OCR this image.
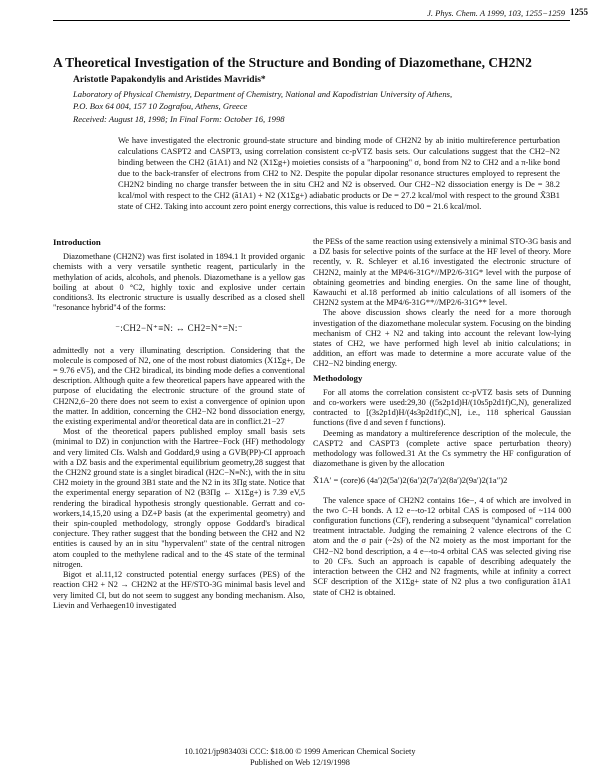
J. Phys. Chem. A 1999, 103, 1255−1259 1255
A Theoretical Investigation of the Structure and Bonding of Diazomethane, CH2N2
Aristotle Papakondylis and Aristides Mavridis*
Laboratory of Physical Chemistry, Department of Chemistry, National and Kapodistrian University of Athens,
P.O. Box 64 004, 157 10 Zografou, Athens, Greece
Received: August 18, 1998; In Final Form: October 16, 1998
We have investigated the electronic ground-state structure and binding mode of CH2N2 by ab initio multireference perturbation calculations CASPT2 and CASPT3, using correlation consistent cc-pVTZ basis sets. Our calculations suggest that the CH2−N2 binding between the CH2 (ã1A1) and N2 (X1Σg+) moieties consists of a "harpooning" σ, bond from N2 to CH2 and a π-like bond due to the back-transfer of electrons from CH2 to N2. Despite the popular dipolar resonance structures employed to represent the CH2N2 binding no charge transfer between the in situ CH2 and N2 is observed. Our CH2−N2 dissociation energy is De = 38.2 kcal/mol with respect to the CH2 (ã1A1) + N2 (X1Σg+) adiabatic products or De = 27.2 kcal/mol with respect to the ground X̃3B1 state of CH2. Taking into account zero point energy corrections, this value is reduced to D0 = 21.6 kcal/mol.
Introduction

Diazomethane (CH2N2) was first isolated in 1894.1 It provided organic chemists with a very versatile synthetic reagent, particularly in the methylation of acids, alcohols, and phenols. Diazomethane is a yellow gas boiling at about 0 °C2, highly toxic and explosive under certain conditions3. Its electronic structure is usually described as a closed shell "resonance hybrid"4 of the forms:

⁻:CH2−N⁺≡N: ↔ CH2=N⁺=N:⁻

admittedly not a very illuminating description. Considering that the molecule is composed of N2, one of the most robust diatomics (X1Σg+, De = 9.76 eV5), and the CH2 biradical, its binding mode defies a conventional description. Although quite a few theoretical papers have appeared with the purpose of elucidating the electronic structure of the ground state of CH2N2,6−20 there does not seem to exist a convergence of opinion upon the matter. In addition, concerning the CH2−N2 bond dissociation energy, the existing experimental and/or theoretical data are in conflict.21−27

Most of the theoretical papers published employ small basis sets (minimal to DZ) in conjunction with the Hartree−Fock (HF) methodology and very limited CIs. Walsh and Goddard,9 using a GVB(PP)-CI approach with a DZ basis and the experimental equilibrium geometry,28 suggest that the CH2N2 ground state is a singlet biradical (H2C−N≡N:), with the in situ CH2 moiety in the ground 3B1 state and the N2 in its 3Πg state. Notice that the experimental energy separation of N2 (B3Πg ← X1Σg+) is 7.39 eV,5 rendering the biradical hypothesis strongly questionable. Gerratt and co-workers,14,15,20 using a DZ+P basis (at the experimental geometry) and their spin-coupled methodology, strongly oppose Goddard's biradical conjecture. They rather suggest that the bonding between the CH2 and N2 entities is caused by an in situ "hypervalent" state of the central nitrogen atom coupled to the methylene radical and to the 4S state of the terminal nitrogen.

Bigot et al.11,12 constructed potential energy surfaces (PES) of the reaction CH2 + N2 → CH2N2 at the HF/STO-3G minimal basis level and very limited CI, but do not seem to suggest any bonding mechanism. Also, Lievin and Verhaegen10 investigated

the PESs of the same reaction using extensively a minimal STO-3G basis and a DZ basis for selective points of the surface at the HF level of theory. More recently, v. R. Schleyer et al.16 investigated the electronic structure of CH2N2, mainly at the MP4/6-31G*//MP2/6-31G* level with the purpose of obtaining geometries and binding energies. On the same line of thought, Kawauchi et al.18 performed ab initio calculations of all isomers of the CH2N2 system at the MP4/6-31G**//MP2/6-31G** level.

The above discussion shows clearly the need for a more thorough investigation of the diazomethane molecular system. Focusing on the binding mechanism of CH2 + N2 and taking into account the relevant low-lying states of CH2, we have performed high level ab initio calculations; in addition, an effort was made to determine a more accurate value of the CH2−N2 binding energy.

Methodology

For all atoms the correlation consistent cc-pVTZ basis sets of Dunning and co-workers were used:29,30 ((5s2p1d)H/(10s5p2d1f)C,N), generalized contracted to [(3s2p1d)H/(4s3p2d1f)C,N], i.e., 118 spherical Gaussian functions (five d and seven f functions).

Deeming as mandatory a multireference description of the molecule, the CASPT2 and CASPT3 (complete active space perturbation theory) methodology was followed.31 At the Cs symmetry the HF configuration of diazomethane is given by the allocation

X̃1A′ = (core)6 (4a′)2(5a′)2(6a′)2(7a′)2(8a′)2(9a′)2(1a″)2

The valence space of CH2N2 contains 16e−, 4 of which are involved in the two C−H bonds. A 12 e−-to-12 orbital CAS is composed of ~114 000 configuration functions (CF), rendering a subsequent "dynamical" correlation treatment intractable. Judging the remaining 2 valence electrons of the C atom and the σ pair (~2s) of the N2 moiety as the most important for the CH2−N2 bond description, a 4 e−-to-4 orbital CAS was selected giving rise to 20 CFs. Such an approach is capable of describing adequately the interaction between the CH2 and N2 fragments, while at infinity a correct SCF description of the X1Σg+ state of N2 plus a two configuration ã1A1 state of CH2 is obtained.

10.1021/jp983403i CCC: $18.00 © 1999 American Chemical Society
Published on Web 12/19/1998
